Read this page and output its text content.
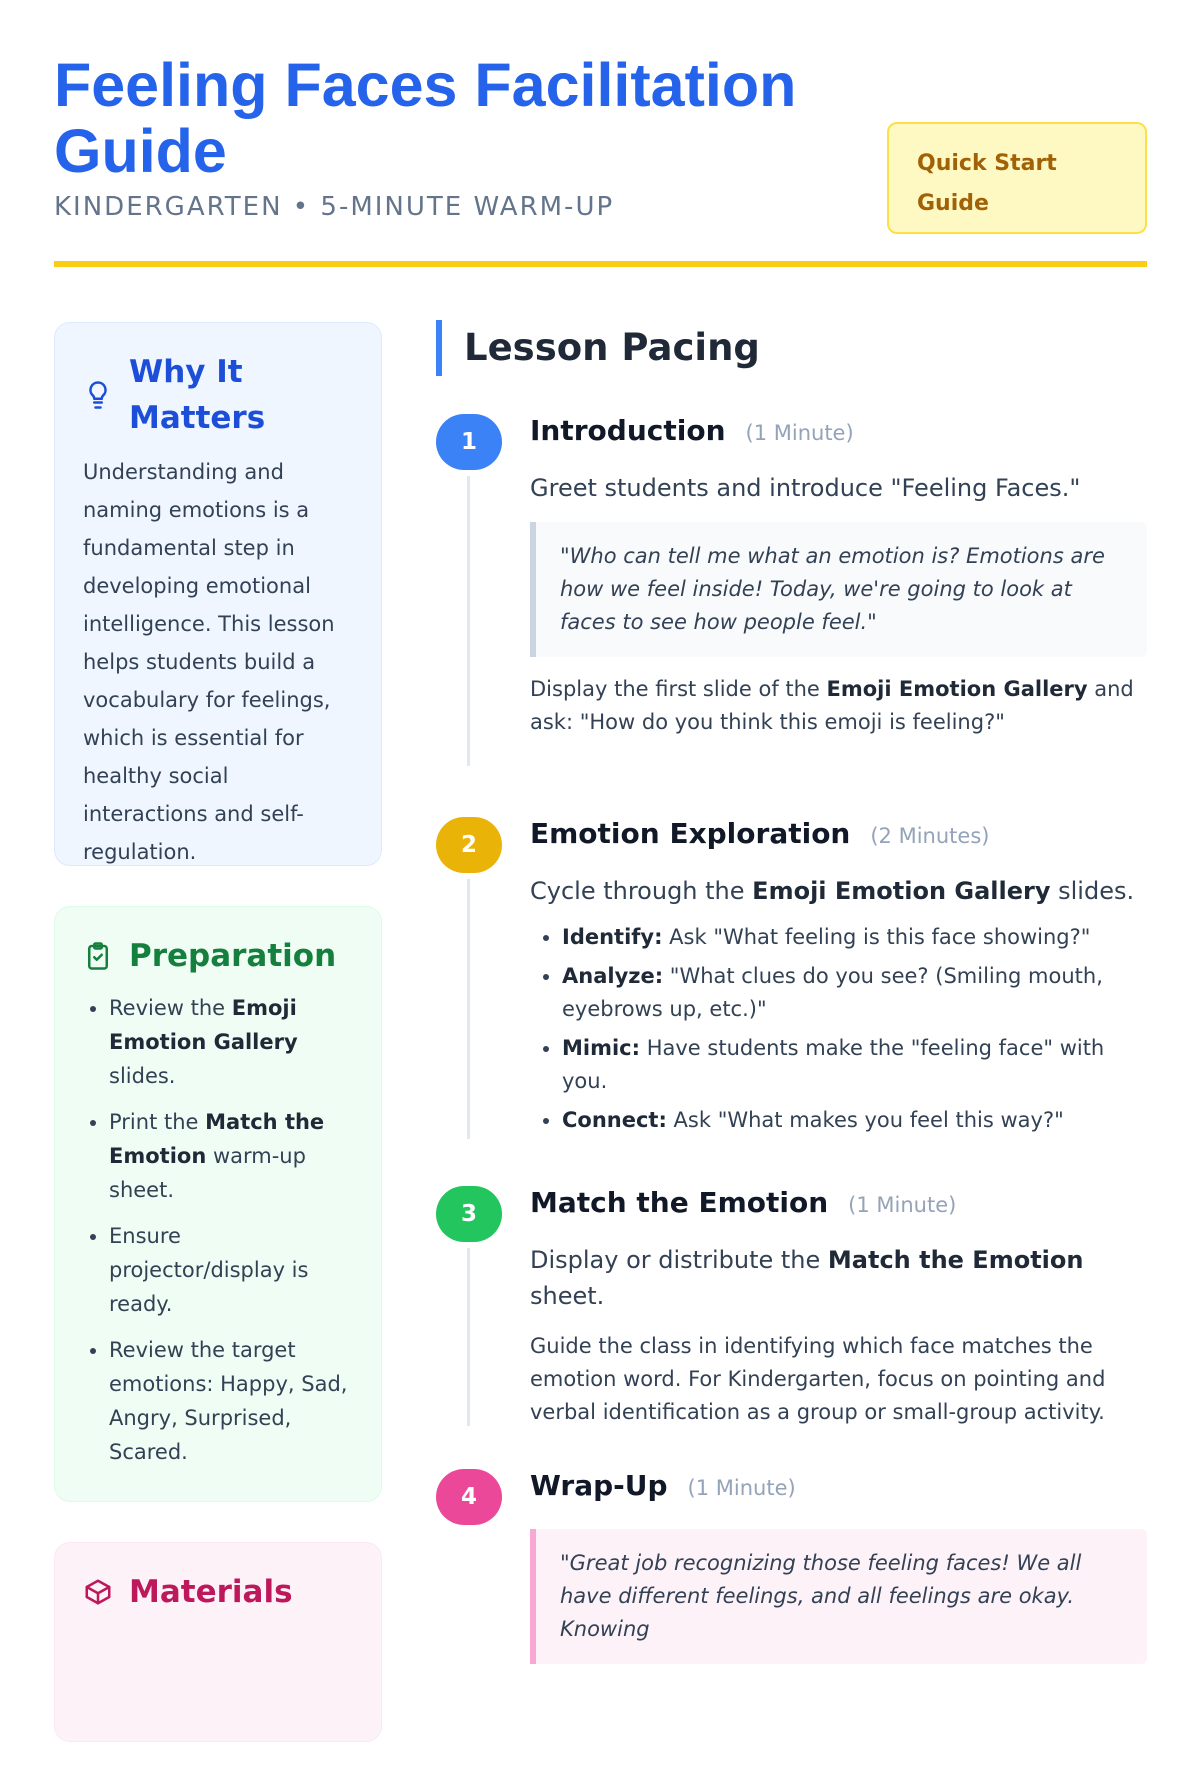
Feeling Faces Facilitation Guide
KINDERGARTEN • 5-MINUTE WARM-UP
Quick Start Guide
Why It Matters

Understanding and naming emotions is a fundamental step in developing emotional intelligence. This lesson helps students build a vocabulary for feelings, which is essential for healthy social interactions and self-regulation.

Preparation
• Review the Emoji Emotion Gallery slides.
• Print the Match the Emotion warm-up sheet.
• Ensure projector/display is ready.
• Review the target emotions: Happy, Sad, Angry, Surprised, Scared.
Materials
Lesson Pacing
1	Introduction (1 Minute)

Greet students and introduce "Feeling Faces."

"Who can tell me what an emotion is? Emotions are how we feel inside! Today, we're going to look at faces to see how people feel."

Display the first slide of the Emoji Emotion Gallery and ask: "How do you think this emoji is feeling?"

2	Emotion Exploration (2 Minutes)

Cycle through the Emoji Emotion Gallery slides.

• Identify: Ask "What feeling is this face showing?"
• Analyze: "What clues do you see? (Smiling mouth, eyebrows up, etc.)"
• Mimic: Have students make the "feeling face" with you.
• Connect: Ask "What makes you feel this way?"
3	Match the Emotion (1 Minute)

Display or distribute the Match the Emotion sheet.

Guide the class in identifying which face matches the emotion word. For Kindergarten, focus on pointing and verbal identification as a group or small-group activity.

4	Wrap-Up (1 Minute)
"Great job recognizing those feeling faces! We all have different feelings, and all feelings are okay. Knowing
